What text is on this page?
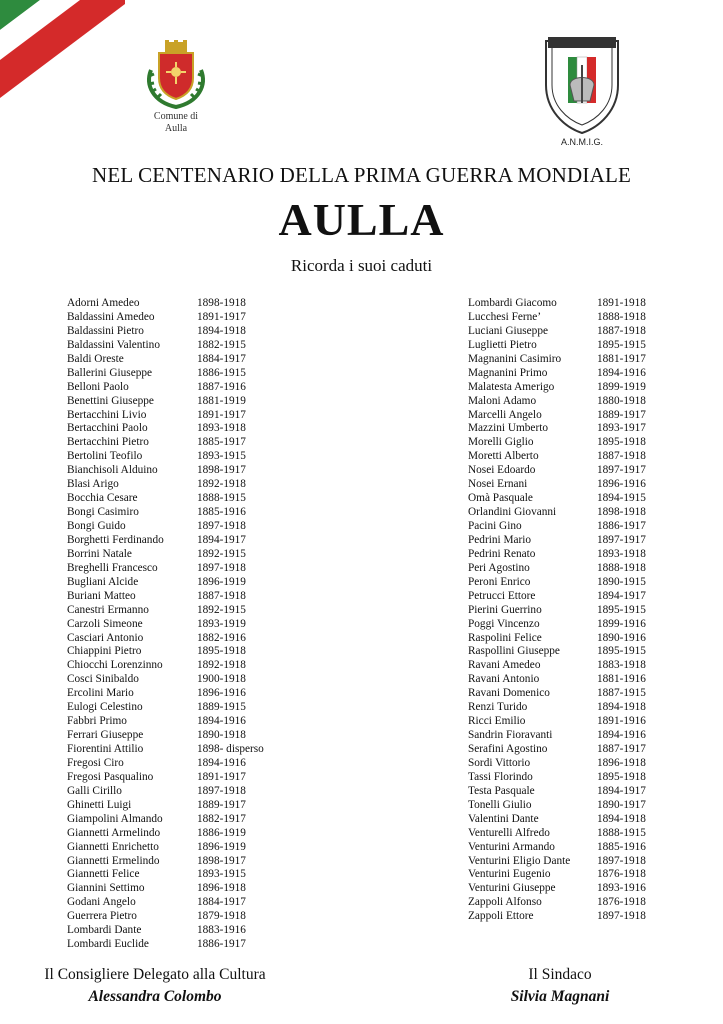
Comune di
Aulla
A.N.M.I.G.
NEL CENTENARIO DELLA PRIMA GUERRA MONDIALE
AULLA
Ricorda i suoi caduti
Adorni Amedeo	1898-1918
Baldassini Amedeo	1891-1917
Baldassini Pietro	1894-1918
Baldassini Valentino	1882-1915
Baldi Oreste	1884-1917
Ballerini Giuseppe	1886-1915
Belloni Paolo	1887-1916
Benettini Giuseppe	1881-1919
Bertacchini Livio	1891-1917
Bertacchini Paolo	1893-1918
Bertacchini Pietro	1885-1917
Bertolini Teofilo	1893-1915
Bianchisoli Alduino	1898-1917
Blasi Arigo	1892-1918
Bocchia Cesare	1888-1915
Bongi Casimiro	1885-1916
Bongi Guido	1897-1918
Borghetti Ferdinando	1894-1917
Borrini Natale	1892-1915
Breghelli Francesco	1897-1918
Bugliani Alcide	1896-1919
Buriani Matteo	1887-1918
Canestri Ermanno	1892-1915
Carzoli Simeone	1893-1919
Casciari Antonio	1882-1916
Chiappini Pietro	1895-1918
Chiocchi Lorenzinno	1892-1918
Cosci Sinibaldo	1900-1918
Ercolini Mario	1896-1916
Eulogi Celestino	1889-1915
Fabbri Primo	1894-1916
Ferrari Giuseppe	1890-1918
Fiorentini Attilio	1898- disperso
Fregosi Ciro	1894-1916
Fregosi Pasqualino	1891-1917
Galli Cirillo	1897-1918
Ghinetti Luigi	1889-1917
Giampolini Almando	1882-1917
Giannetti Armelindo	1886-1919
Giannetti Enrichetto	1896-1919
Giannetti Ermelindo	1898-1917
Giannetti Felice	1893-1915
Giannini Settimo	1896-1918
Godani Angelo	1884-1917
Guerrera Pietro	1879-1918
Lombardi Dante	1883-1916
Lombardi Euclide	1886-1917
Lombardi Giacomo	1891-1918
Lucchesi Ferne’	1888-1918
Luciani Giuseppe	1887-1918
Luglietti Pietro	1895-1915
Magnanini Casimiro	1881-1917
Magnanini Primo	1894-1916
Malatesta Amerigo	1899-1919
Maloni Adamo	1880-1918
Marcelli Angelo	1889-1917
Mazzini Umberto	1893-1917
Morelli Giglio	1895-1918
Moretti Alberto	1887-1918
Nosei Edoardo	1897-1917
Nosei Ernani	1896-1916
Omà Pasquale	1894-1915
Orlandini Giovanni	1898-1918
Pacini Gino	1886-1917
Pedrini Mario	1897-1917
Pedrini Renato	1893-1918
Peri Agostino	1888-1918
Peroni Enrico	1890-1915
Petrucci Ettore	1894-1917
Pierini Guerrino	1895-1915
Poggi Vincenzo	1899-1916
Raspolini Felice	1890-1916
Raspollini Giuseppe	1895-1915
Ravani Amedeo	1883-1918
Ravani Antonio	1881-1916
Ravani Domenico	1887-1915
Renzi Turido	1894-1918
Ricci Emilio	1891-1916
Sandrin Fioravanti	1894-1916
Serafini Agostino	1887-1917
Sordi Vittorio	1896-1918
Tassi Florindo	1895-1918
Testa Pasquale	1894-1917
Tonelli Giulio	1890-1917
Valentini Dante	1894-1918
Venturelli Alfredo	1888-1915
Venturini Armando	1885-1916
Venturini Eligio Dante	1897-1918
Venturini Eugenio	1876-1918
Venturini Giuseppe	1893-1916
Zappoli Alfonso	1876-1918
Zappoli Ettore	1897-1918
Il Consigliere Delegato alla Cultura
Alessandra Colombo
Il Sindaco
Silvia Magnani
